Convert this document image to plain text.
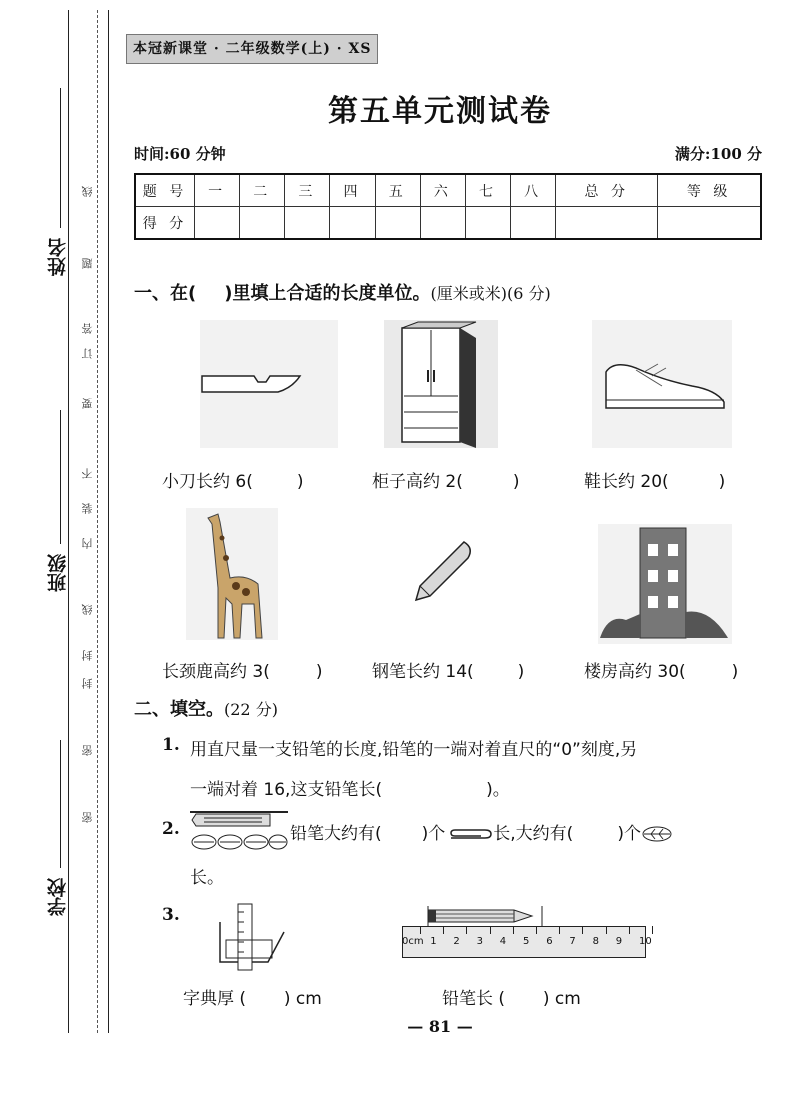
姓名
班级
学校
线
题
答
订
要
不
装
内
线
封
封
密
密
本冠新课堂 · 二年级数学(上) · XS
第五单元测试卷
时间:60 分钟	满分:100 分
题 号	一	二	三	四	五	六	七	八	总 分	等 级
得 分										
一、在( )里填上合适的长度单位。(厘米或米)(6 分)
小刀长约 6(	)	柜子高约 2(	)	鞋长约 20(	)
长颈鹿高约 3(	)	钢笔长约 14(	)	楼房高约 30(	)
二、填空。(22 分)
1. 用直尺量一支铅笔的长度,铅笔的一端对着直尺的“0”刻度,另
一端对着 16,这支铅笔长(	)。
2.	铅笔大约有( )个	长,大约有(	)个
长。
3.
字典厚 (       ) cm
0cm 1 2 3 4 5 6 7 8 9 10
铅笔长 (       ) cm
— 81 —
